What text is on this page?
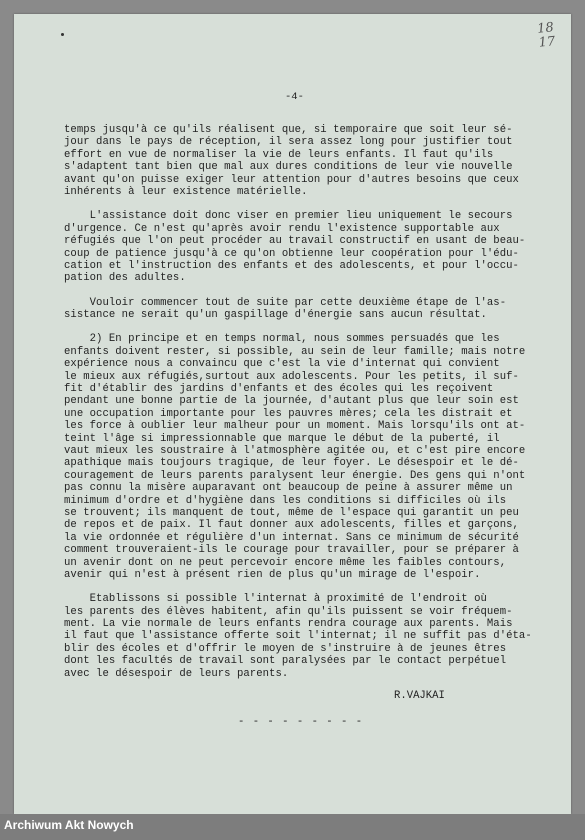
18
17
-4-
temps jusqu'à ce qu'ils réalisent que, si temporaire que soit leur sé-
jour dans le pays de réception, il sera assez long pour justifier tout
effort en vue de normaliser la vie de leurs enfants. Il faut qu'ils
s'adaptent tant bien que mal aux dures conditions de leur vie nouvelle
avant qu'on puisse exiger leur attention pour d'autres besoins que ceux
inhérents à leur existence matérielle.
L'assistance doit donc viser en premier lieu uniquement le secours
d'urgence. Ce n'est qu'après avoir rendu l'existence supportable aux
réfugiés que l'on peut procéder au travail constructif en usant de beau-
coup de patience jusqu'à ce qu'on obtienne leur coopération pour l'édu-
cation et l'instruction des enfants et des adolescents, et pour l'occu-
pation des adultes.
Vouloir commencer tout de suite par cette deuxième étape de l'as-
sistance ne serait qu'un gaspillage d'énergie sans aucun résultat.
2) En principe et en temps normal, nous sommes persuadés que les
enfants doivent rester, si possible, au sein de leur famille; mais notre
expérience nous a convaincu que c'est la vie d'internat qui convient
le mieux aux réfugiés,surtout aux adolescents. Pour les petits, il suf-
fit d'établir des jardins d'enfants et des écoles qui les reçoivent
pendant une bonne partie de la journée, d'autant plus que leur soin est
une occupation importante pour les pauvres mères; cela les distrait et
les force à oublier leur malheur pour un moment. Mais lorsqu'ils ont at-
teint l'âge si impressionnable que marque le début de la puberté, il
vaut mieux les soustraire à l'atmosphère agitée ou, et c'est pire encore
apathique mais toujours tragique, de leur foyer. Le désespoir et le dé-
couragement de leurs parents paralysent leur énergie. Des gens qui n'ont
pas connu la misère auparavant ont beaucoup de peine à assurer même un
minimum d'ordre et d'hygiène dans les conditions si difficiles où ils
se trouvent; ils manquent de tout, même de l'espace qui garantit un peu
de repos et de paix. Il faut donner aux adolescents, filles et garçons,
la vie ordonnée et régulière d'un internat. Sans ce minimum de sécurité
comment trouveraient-ils le courage pour travailler, pour se préparer à
un avenir dont on ne peut percevoir encore même les faibles contours,
avenir qui n'est à présent rien de plus qu'un mirage de l'espoir.
Etablissons si possible l'internat à proximité de l'endroit où
les parents des élèves habitent, afin qu'ils puissent se voir fréquem-
ment. La vie normale de leurs enfants rendra courage aux parents. Mais
il faut que l'assistance offerte soit l'internat; il ne suffit pas d'éta-
blir des écoles et d'offrir le moyen de s'instruire à de jeunes êtres
dont les facultés de travail sont paralysées par le contact perpétuel
avec le désespoir de leurs parents.
R.VAJKAI
- - - - - - - - -
Archiwum Akt Nowych
